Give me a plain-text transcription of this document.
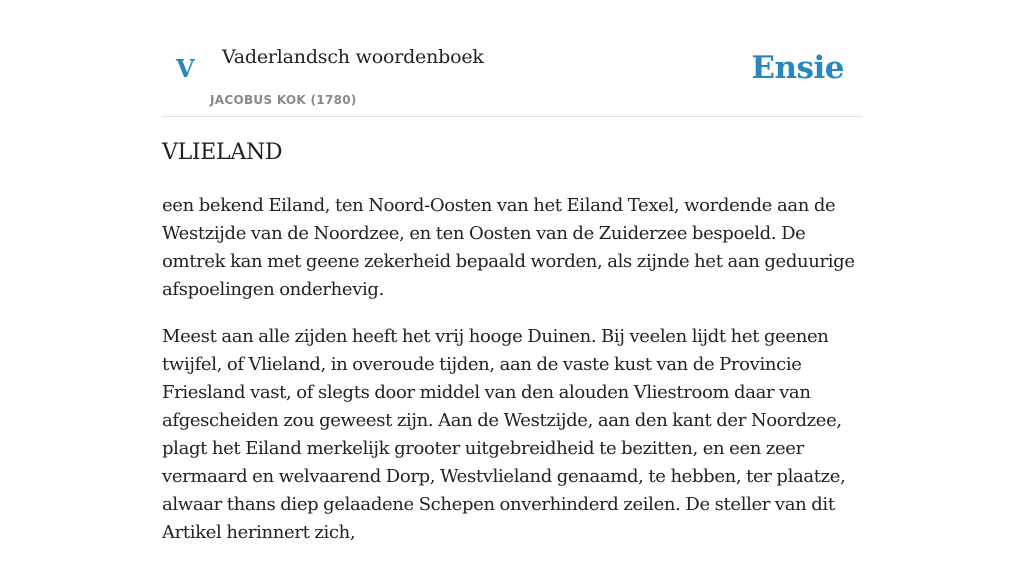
V Vaderlandsch woordenboek
JACOBUS KOK (1780)
Ensie
VLIELAND

een bekend Eiland, ten Noord-Oosten van het Eiland Texel, wordende aan de Westzijde van de Noordzee, en ten Oosten van de Zuiderzee bespoeld. De omtrek kan met geene zekerheid bepaald worden, als zijnde het aan geduurige afspoelingen onderhevig.

Meest aan alle zijden heeft het vrij hooge Duinen. Bij veelen lijdt het geenen twijfel, of Vlieland, in overoude tijden, aan de vaste kust van de Provincie Friesland vast, of slegts door middel van den alouden Vliestroom daar van afgescheiden zou geweest zijn. Aan de Westzijde, aan den kant der Noordzee, plagt het Eiland merkelijk grooter uitgebreidheid te bezitten, en een zeer vermaard en welvaarend Dorp, Westvlieland genaamd, te hebben, ter plaatze, alwaar thans diep gelaadene Schepen onverhinderd zeilen. De steller van dit Artikel herinnert zich,
